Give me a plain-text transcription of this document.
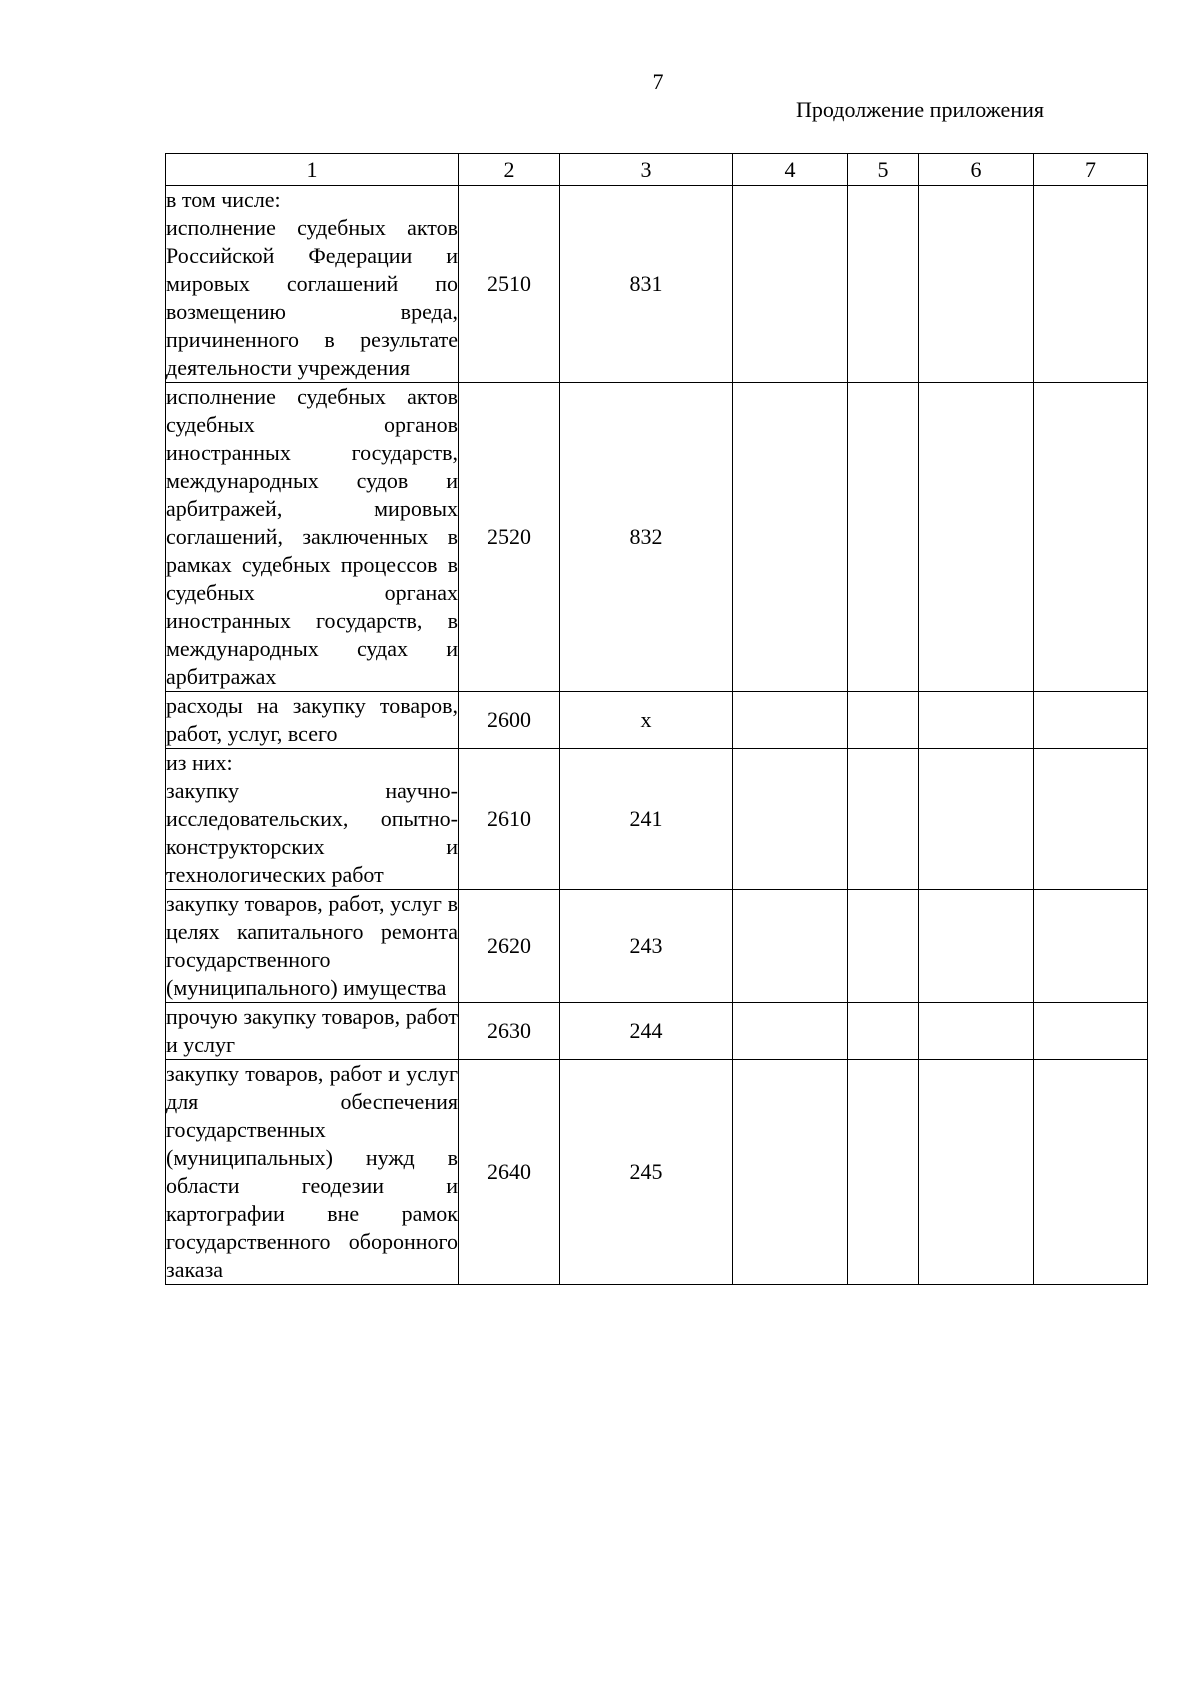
7
Продолжение приложения
1	2	3	4	5	6	7

в том числе:
исполнение судебных актов Российской Федерации и мировых соглашений по возмещению вреда, причиненного в результате деятельности учреждения	2510	831				
исполнение судебных актов судебных органов иностранных государств, международных судов и арбитражей, мировых соглашений, заключенных в рамках судебных процессов в судебных органах иностранных государств, в международных судах и арбитражах	2520	832				
расходы на закупку товаров, работ, услуг, всего	2600	х				

из них:
закупку научно-исследовательских, опытно-конструкторских и технологических работ	2610	241				
закупку товаров, работ, услуг в целях капитального ремонта государственного (муниципального) имущества	2620	243				
прочую закупку товаров, работ и услуг	2630	244				
закупку товаров, работ и услуг для обеспечения государственных (муниципальных) нужд в области геодезии и картографии вне рамок государственного оборонного заказа	2640	245				
